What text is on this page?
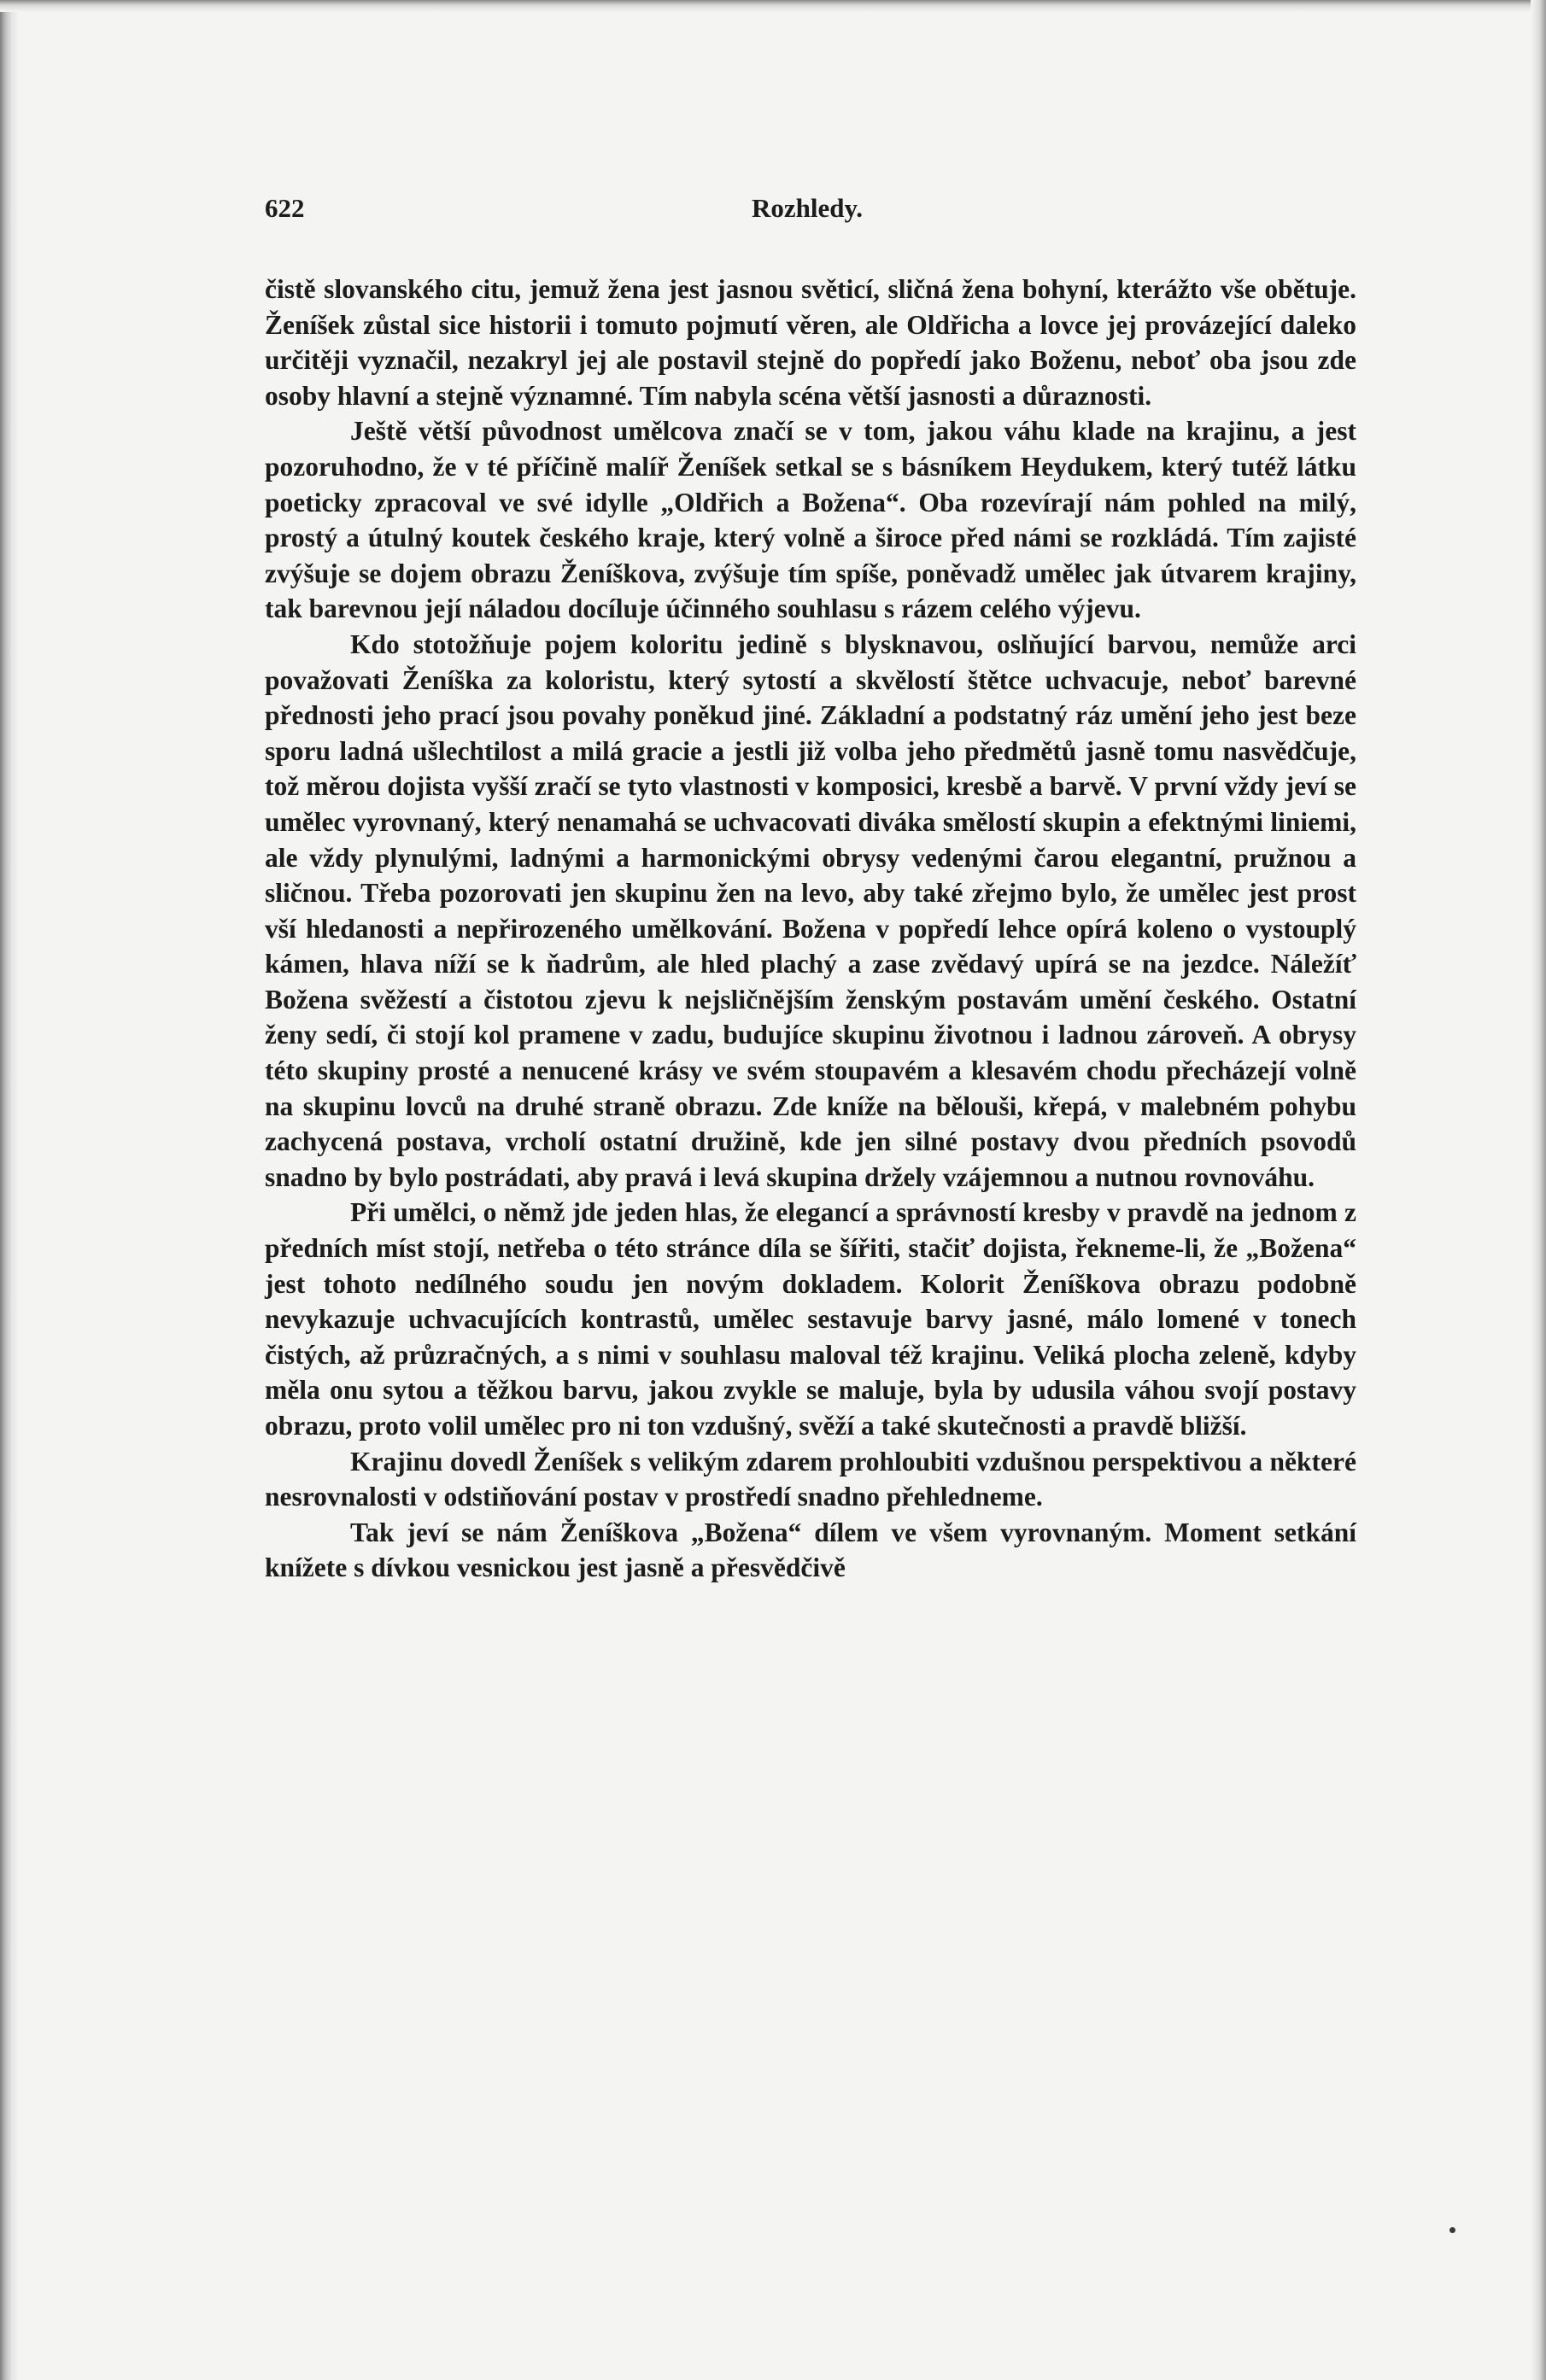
622	Rozhledy.

čistě slovanského citu, jemuž žena jest jasnou světicí, sličná žena bohyní, kterážto vše obětuje. Ženíšek zůstal sice historii i tomuto pojmutí věren, ale Oldřicha a lovce jej provázející daleko určitěji vyznačil, nezakryl jej ale postavil stejně do popředí jako Boženu, neboť oba jsou zde osoby hlavní a stejně významné. Tím nabyla scéna větší jasnosti a důraznosti.

Ještě větší původnost umělcova značí se v tom, jakou váhu klade na krajinu, a jest pozoruhodno, že v té příčině malíř Ženíšek setkal se s básníkem Heydukem, který tutéž látku poeticky zpracoval ve své idylle „Oldřich a Božena“. Oba rozevírají nám pohled na milý, prostý a útulný koutek českého kraje, který volně a široce před námi se rozkládá. Tím zajisté zvýšuje se dojem obrazu Ženíškova, zvýšuje tím spíše, poněvadž umělec jak útvarem krajiny, tak barevnou její náladou docíluje účinného souhlasu s rázem celého výjevu.

Kdo stotožňuje pojem koloritu jedině s blysknavou, oslňující barvou, nemůže arci považovati Ženíška za koloristu, který sytostí a skvělostí štětce uchvacuje, neboť barevné přednosti jeho prací jsou povahy poněkud jiné. Základní a podstatný ráz umění jeho jest beze sporu ladná ušlechtilost a milá gracie a jestli již volba jeho předmětů jasně tomu nasvědčuje, tož měrou dojista vyšší zračí se tyto vlastnosti v komposici, kresbě a barvě. V první vždy jeví se umělec vyrovnaný, který nenamahá se uchvacovati diváka smělostí skupin a efektnými liniemi, ale vždy plynulými, ladnými a harmonickými obrysy vedenými čarou elegantní, pružnou a sličnou. Třeba pozorovati jen skupinu žen na levo, aby také zřejmo bylo, že umělec jest prost vší hledanosti a nepřirozeného umělkování. Božena v popředí lehce opírá koleno o vystouplý kámen, hlava níží se k ňadrům, ale hled plachý a zase zvědavý upírá se na jezdce. Náležíť Božena svěžestí a čistotou zjevu k nejsličnějším ženským postavám umění českého. Ostatní ženy sedí, či stojí kol pramene v zadu, budujíce skupinu životnou i ladnou zároveň. A obrysy této skupiny prosté a nenucené krásy ve svém stoupavém a klesavém chodu přecházejí volně na skupinu lovců na druhé straně obrazu. Zde kníže na bělouši, křepá, v malebném pohybu zachycená postava, vrcholí ostatní družině, kde jen silné postavy dvou předních psovodů snadno by bylo postrádati, aby pravá i levá skupina držely vzájemnou a nutnou rovnováhu.

Při umělci, o němž jde jeden hlas, že elegancí a správností kresby v pravdě na jednom z předních míst stojí, netřeba o této stránce díla se šířiti, stačiť dojista, řekneme-li, že „Božena“ jest tohoto nedílného soudu jen novým dokladem. Kolorit Ženíškova obrazu podobně nevykazuje uchvacujících kontrastů, umělec sestavuje barvy jasné, málo lomené v tonech čistých, až průzračných, a s nimi v souhlasu maloval též krajinu. Veliká plocha zeleně, kdyby měla onu sytou a těžkou barvu, jakou zvykle se maluje, byla by udusila váhou svojí postavy obrazu, proto volil umělec pro ni ton vzdušný, svěží a také skutečnosti a pravdě bližší.

Krajinu dovedl Ženíšek s velikým zdarem prohloubiti vzdušnou perspektivou a některé nesrovnalosti v odstiňování postav v prostředí snadno přehledneme.

Tak jeví se nám Ženíškova „Božena“ dílem ve všem vyrovnaným. Moment setkání knížete s dívkou vesnickou jest jasně a přesvědčivě
